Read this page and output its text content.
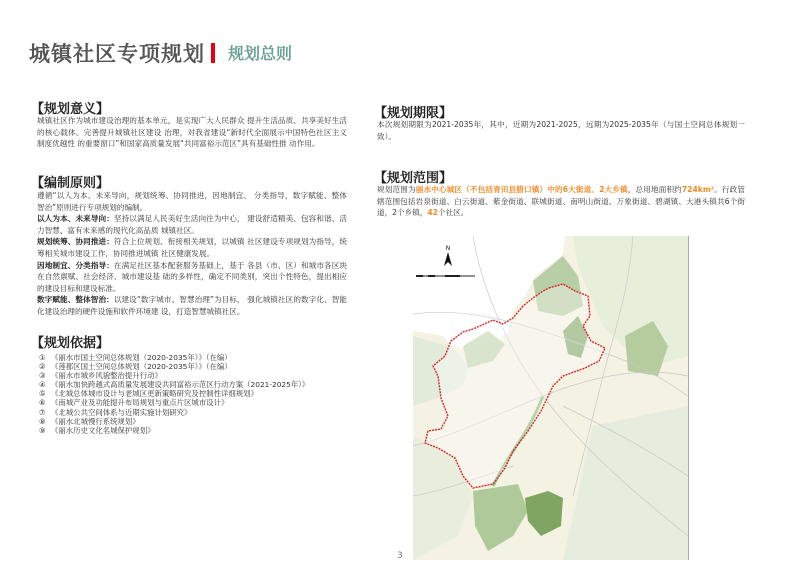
城镇社区专项规划 规划总则
【规划意义】
城镇社区作为城市建设治理的基本单元，是实现广大人民群众 提升生活品质、共享美好生活的核心载体。完善提升城镇社区建设 治理，对我省建设“新时代全面展示中国特色社区主义制度优越性 的重要窗口”和国家高质量发展“共同富裕示范区”具有基础性推 动作用。
【编制原则】

遵循“以人为本、未来导向，规划统筹、协同推进，因地制宜、 分类指导，数字赋能、整体智治”原则进行专项规划的编制。

以人为本、未来导向：坚持以满足人民美好生活向往为中心， 建设舒适精美、包容和谐、活力智慧、富有未来感的现代化高品质 城镇社区。

规划统筹、协同推进：符合上位规划、衔接相关规划，以城镇 社区建设专项规划为指导，统筹相关城市建设工作，协同推进城镇 社区健康发展。

因地制宜、分类指导：在满足社区基本配套服务基础上，基于 各县（市、区）和城市各区块在自然禀赋、社会经济、城市建设基 础的多样性，确定不同类别，突出个性特色，提出相应的建设目标和建设标准。

数字赋能、整体智治：以建设“数字城市、智慧治理”为目标， 强化城镇社区的数字化、智能化建设治理的硬件设施和软件环境建 设，打造智慧城镇社区。

【规划依据】
① 《丽水市国土空间总体规划（2020-2035年）》（在编）
② 《莲都区国土空间总体规划（2020-2035年）》（在编）
③ 《丽水市城乡风貌整治提升行动》
④ 《丽水加快跨越式高质量发展建设共同富裕示范区行动方案（2021-2025年）》
⑤ 《北城总体城市设计与老城区更新策略研究及控制性详细规划》
⑥ 《南城产业及功能提升布局规划与重点片区城市设计》
⑦ 《北城公共空间体系与近期实施计划研究》
⑧ 《丽水北城慢行系统规划》
⑨ 《丽水历史文化名城保护规划》
【规划期限】
本次规划期限为2021-2035年，其中，近期为2021-2025，远期为2025-2035年（与国土空间总体规划一致）。
【规划范围】
规划范围为丽水中心城区（不包括青田县腊口镇）中的6大街道、2大乡镇，总用地面积约724km²。行政管辖范围包括岩泉街道、白云街道、紫金街道、联城街道、南明山街道、万象街道、碧湖镇、大港头镇共6个街道，2个乡镇，42个社区。
N
3
